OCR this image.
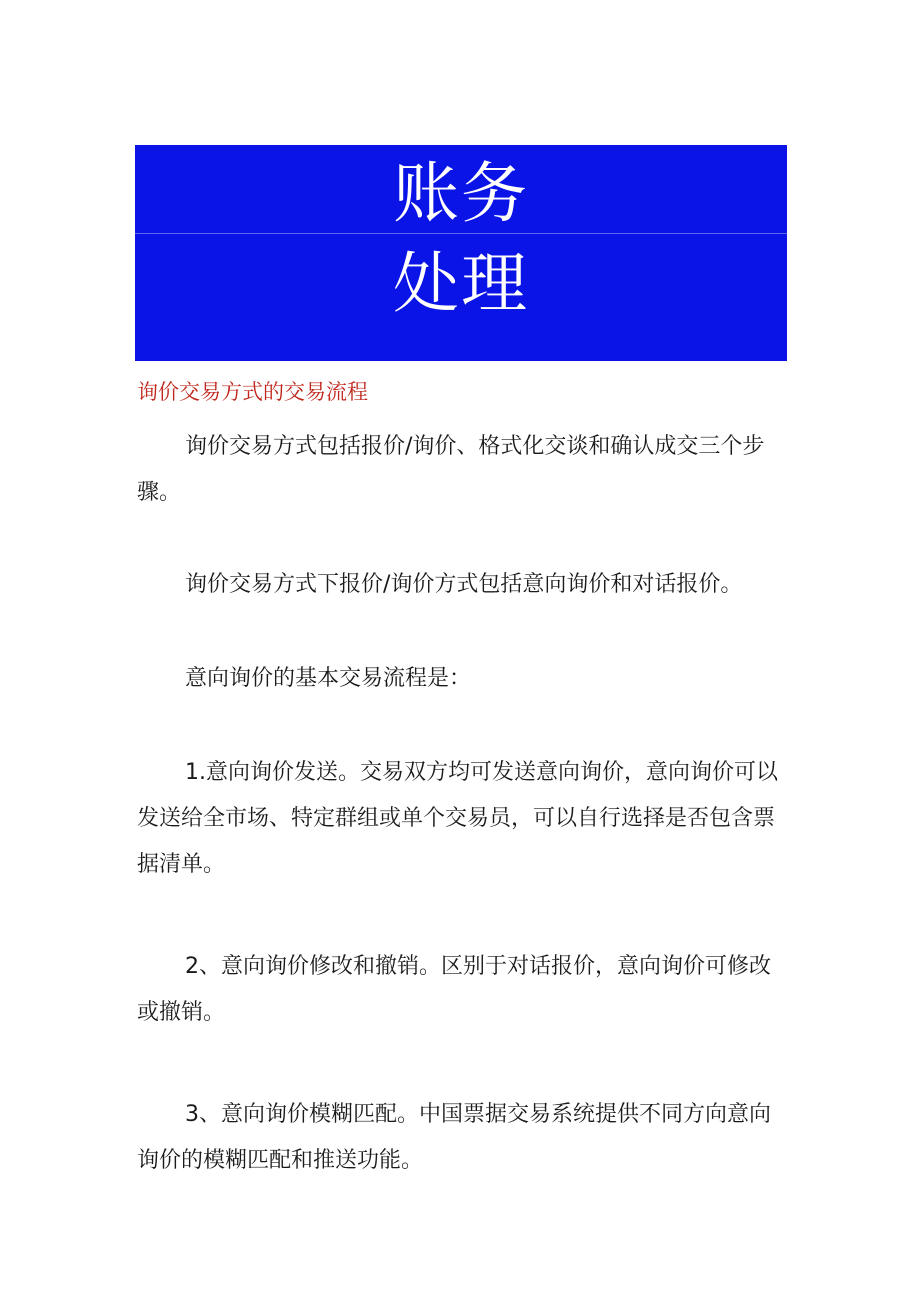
账务
处理
询价交易方式的交易流程

询价交易方式包括报价/询价、格式化交谈和确认成交三个步骤。

询价交易方式下报价/询价方式包括意向询价和对话报价。

意向询价的基本交易流程是：

1.意向询价发送。交易双方均可发送意向询价，意向询价可以发送给全市场、特定群组或单个交易员，可以自行选择是否包含票据清单。

2、意向询价修改和撤销。区别于对话报价，意向询价可修改或撤销。

3、意向询价模糊匹配。中国票据交易系统提供不同方向意向询价的模糊匹配和推送功能。
